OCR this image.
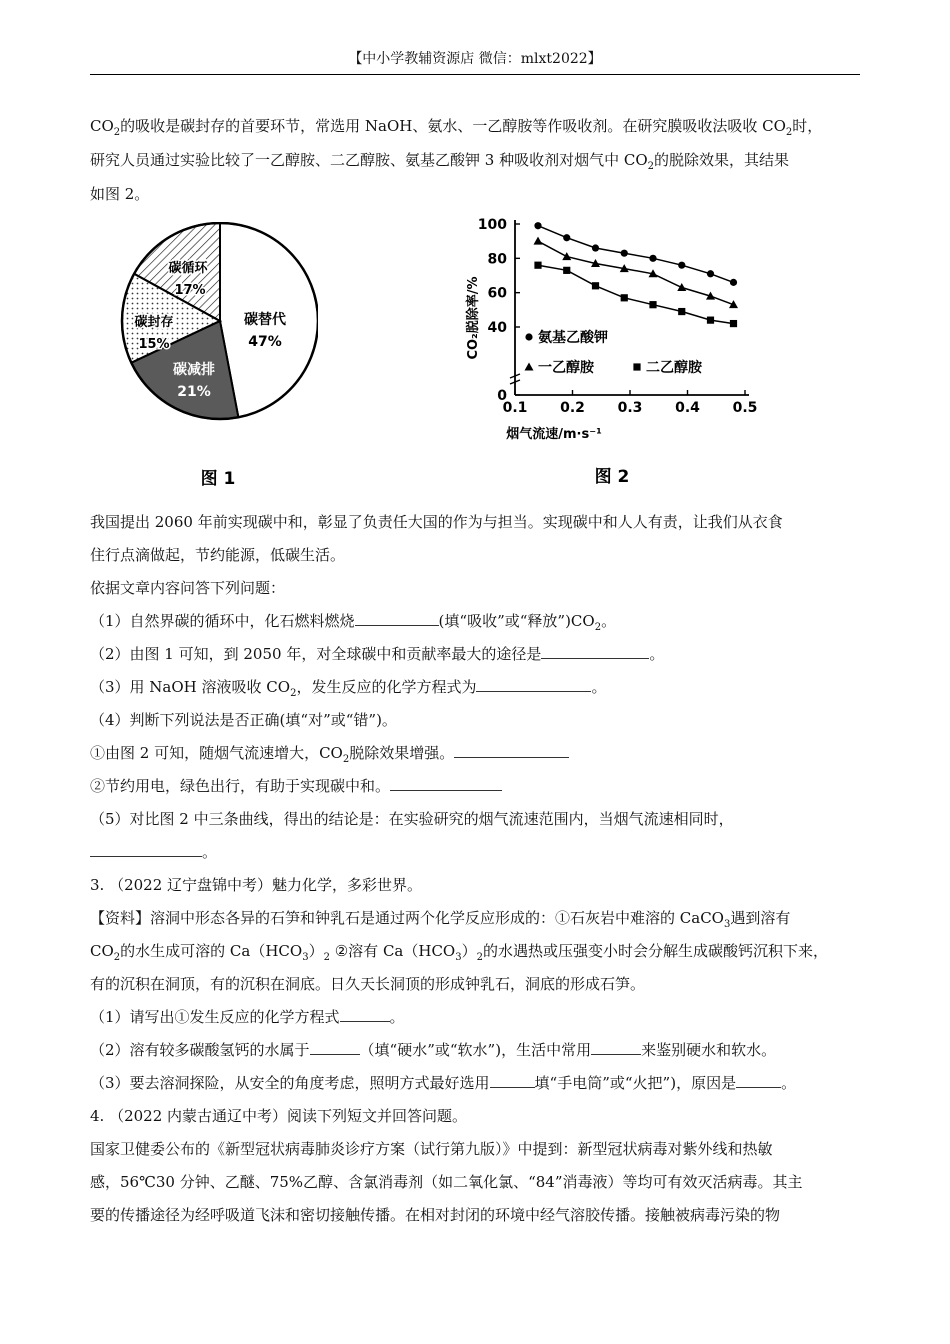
【中小学教辅资源店 微信：mlxt2022】
$CO_2$的吸收是碳封存的首要环节，常选用 NaOH、氨水、一乙醇胺等作吸收剂。在研究膜吸收法吸收 $CO_2$时，
研究人员通过实验比较了一乙醇胺、二乙醇胺、氨基乙酸钾 3 种吸收剂对烟气中 $CO_2$的脱除效果，其结果
如图 2。
碳替代
47%
碳减排
21%
碳封存
15%
碳循环
17%
图 1
0
40
60
80
100
0.1 0.2 0.3 0.4 0.5
烟气流速/m·s⁻¹
CO₂脱除率/%	氨基乙酸钾
一乙醇胺	二乙醇胺
图 2
我国提出 2060 年前实现碳中和，彰显了负责任大国的作为与担当。实现碳中和人人有责，让我们从衣食
住行点滴做起，节约能源，低碳生活。
依据文章内容问答下列问题：
（1）自然界碳的循环中，化石燃料燃烧	(填“吸收”或“释放$”)CO_2$。
（2）由图 1 可知，到 2050 年，对全球碳中和贡献率最大的途径是	。
（3）用 NaOH 溶液吸收 $CO_2$，发生反应的化学方程式为	。
（4）判断下列说法是否正确(填“对”或“错”)。
①由图 2 可知，随烟气流速增大，$CO_2$脱除效果增强。
②节约用电，绿色出行，有助于实现碳中和。
（5）对比图 2 中三条曲线，得出的结论是：在实验研究的烟气流速范围内，当烟气流速相同时，
。
3. （2022 辽宁盘锦中考）魅力化学，多彩世界。
【资料】溶洞中形态各异的石笋和钟乳石是通过两个化学反应形成的：①石灰岩中难溶的 CaCO$_3$遇到溶有
$CO_2$的水生成可溶的 $Ca(HCO_3)_2$ ②溶有 $Ca(HCO_3)_2$的水遇热或压强变小时会分解生成碳酸钙沉积下来，
有的沉积在洞顶，有的沉积在洞底。日久天长洞顶的形成钟乳石，洞底的形成石笋。
（1）请写出①发生反应的化学方程式	。
（2）溶有较多碳酸氢钙的水属于	（填“硬水”或“软水”)，生活中常用	来鉴别硬水和软水。
（3）要去溶洞探险，从安全的角度考虑，照明方式最好选用	填“手电筒”或“火把”)，原因是	。
4. （2022 内蒙古通辽中考）阅读下列短文并回答问题。
国家卫健委公布的《新型冠状病毒肺炎诊疗方案（试行第九版）》中提到：新型冠状病毒对紫外线和热敏
感，56℃30 分钟、乙醚、75%乙醇、含氯消毒剂（如二氧化氯、“84”消毒液）等均可有效灭活病毒。其主
要的传播途径为经呼吸道飞沫和密切接触传播。在相对封闭的环境中经气溶胶传播。接触被病毒污染的物
